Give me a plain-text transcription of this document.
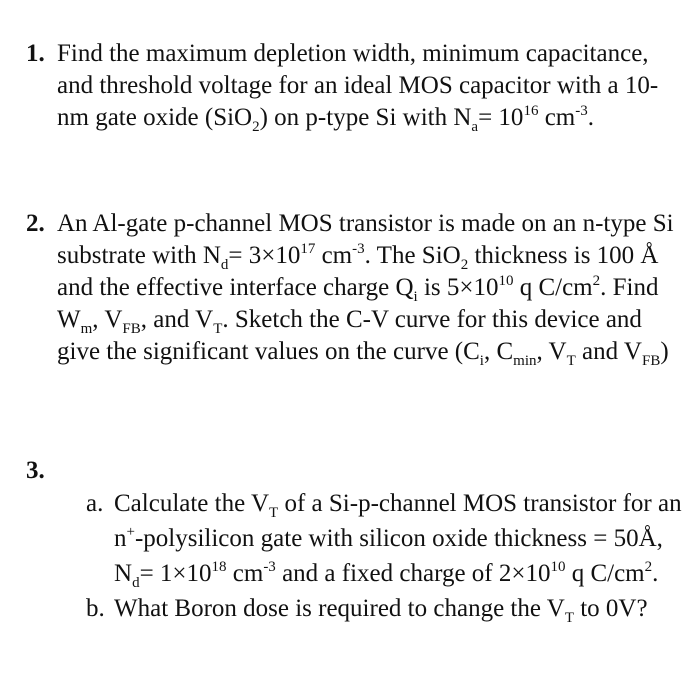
1. Find the maximum depletion width, minimum capacitance, and threshold voltage for an ideal MOS capacitor with a 10-nm gate oxide (SiO$_2$) on p-type Si with $N_a= 10^{16}$ $cm^{-3}$.
2. An Al-gate p-channel MOS transistor is made on an n-type Si substrate with $N_d= 3\times 10^{17}$ $cm^{-3}$. The SiO$_2$ thickness is 100 Å and the effective interface charge $Q_i$ is $5\times 10^{10}$ q $C/cm^2$. Find $W_m$, $V_{FB}$, and $V_T$. Sketch the C-V curve for this device and give the significant values on the curve ($C_i$, $C_{min}$, $V_T$ and $V_{FB}$)
3.
a. Calculate the $V_T$ of a Si-p-channel MOS transistor for an n+-polysilicon gate with silicon oxide thickness = 50Å, $N_d= 1\times 10^{18}$ $cm^{-3}$ and a fixed charge of $2\times 10^{10}$ q $C/cm^2$.
b. What Boron dose is required to change the $V_T$ to 0V?
